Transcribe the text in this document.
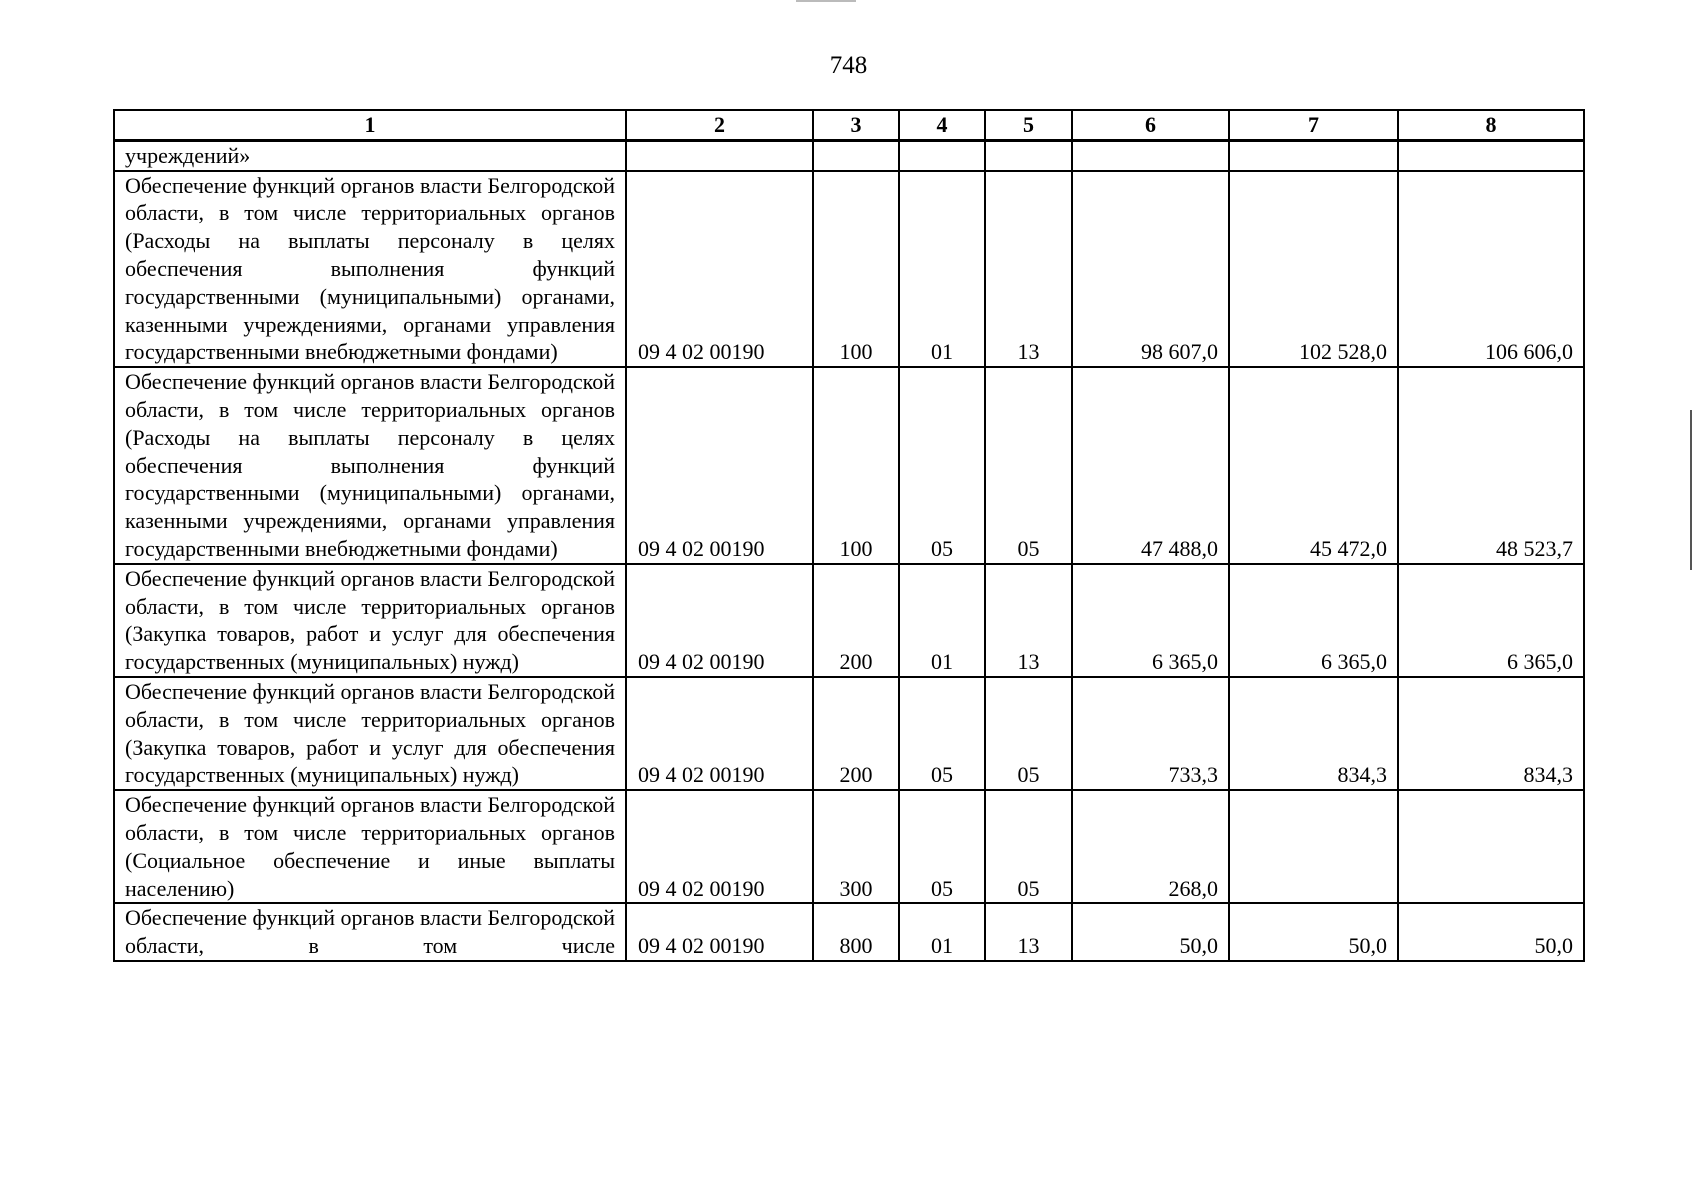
748
1	2	3	4	5	6	7	8
учреждений»							
Обеспечение функций органов власти Белгородской области, в том числе территориальных органов (Расходы на выплаты персоналу в целях обеспечения выполнения функций государственными (муниципальными) органами, казенными учреждениями, органами управления государственными внебюджетными фондами)	09 4 02 00190	100	01	13	98 607,0	102 528,0	106 606,0
Обеспечение функций органов власти Белгородской области, в том числе территориальных органов (Расходы на выплаты персоналу в целях обеспечения выполнения функций государственными (муниципальными) органами, казенными учреждениями, органами управления государственными внебюджетными фондами)	09 4 02 00190	100	05	05	47 488,0	45 472,0	48 523,7
Обеспечение функций органов власти Белгородской области, в том числе территориальных органов (Закупка товаров, работ и услуг для обеспечения государственных (муниципальных) нужд)	09 4 02 00190	200	01	13	6 365,0	6 365,0	6 365,0
Обеспечение функций органов власти Белгородской области, в том числе территориальных органов (Закупка товаров, работ и услуг для обеспечения государственных (муниципальных) нужд)	09 4 02 00190	200	05	05	733,3	834,3	834,3
Обеспечение функций органов власти Белгородской области, в том числе территориальных органов (Социальное обеспечение и иные выплаты населению)	09 4 02 00190	300	05	05	268,0		
Обеспечение функций органов власти Белгородской области, в том числе	09 4 02 00190	800	01	13	50,0	50,0	50,0
